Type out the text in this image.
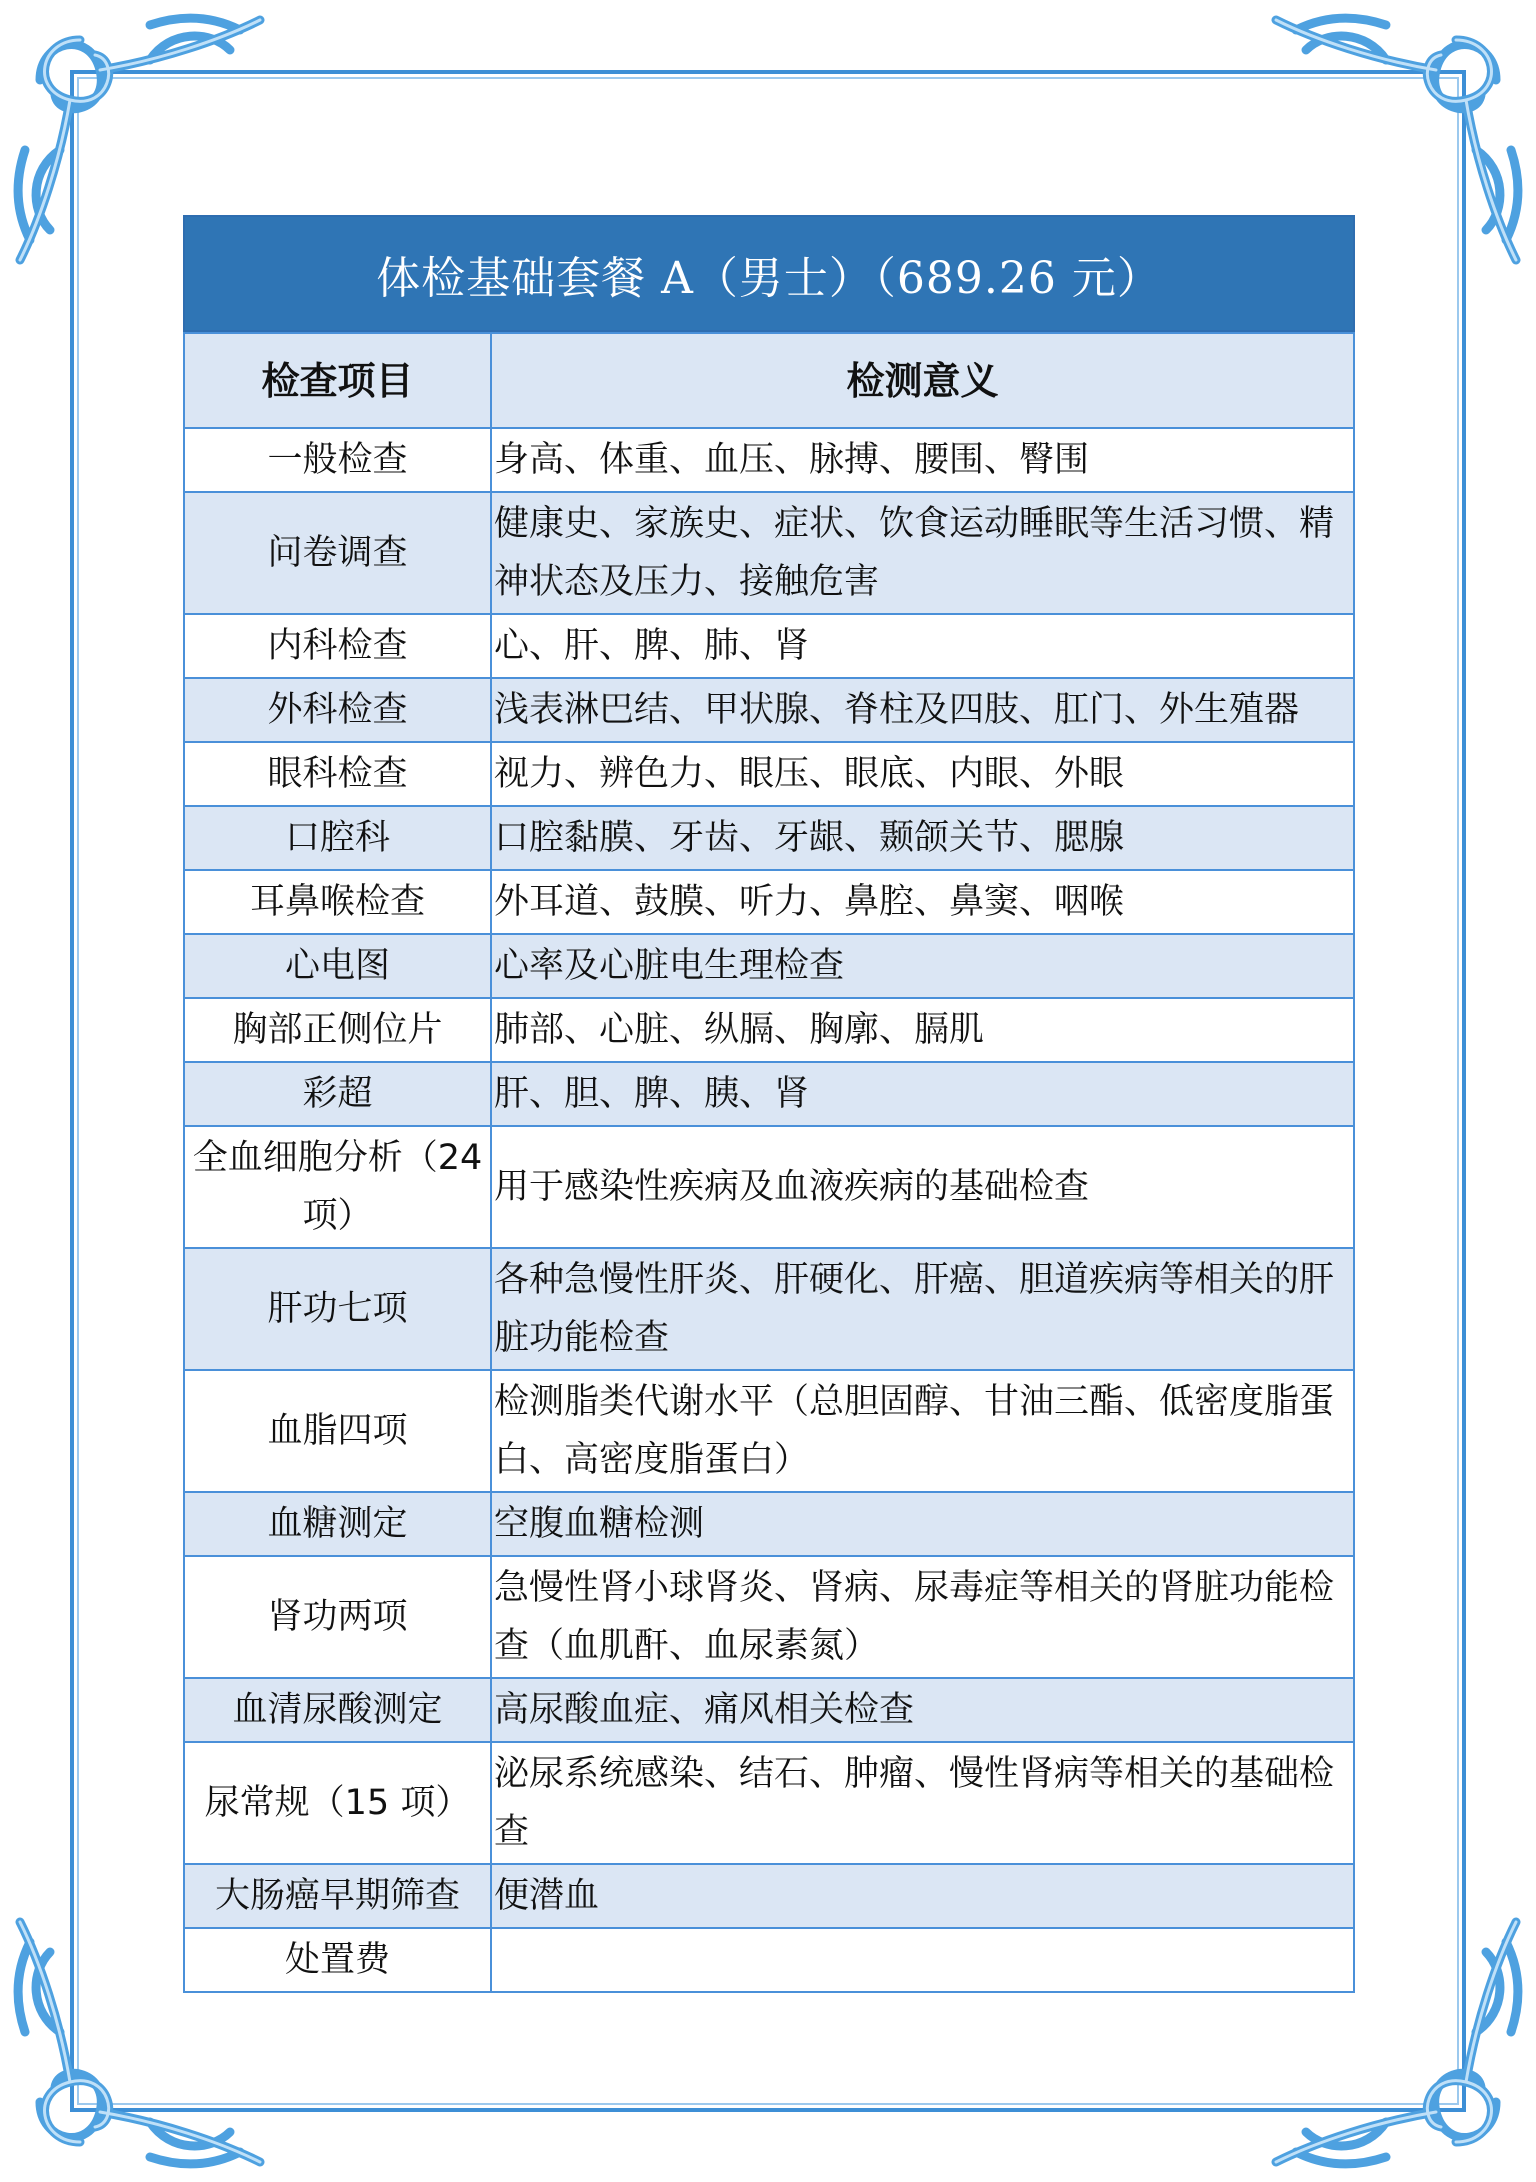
体检基础套餐 A（男士）（689.26 元）
检查项目	检测意义
一般检查	身高、体重、血压、脉搏、腰围、臀围
问卷调查	健康史、家族史、症状、饮食运动睡眠等生活习惯、精神状态及压力、接触危害
内科检查	心、肝、脾、肺、肾
外科检查	浅表淋巴结、甲状腺、脊柱及四肢、肛门、外生殖器
眼科检查	视力、辨色力、眼压、眼底、内眼、外眼
口腔科	口腔黏膜、牙齿、牙龈、颞颌关节、腮腺
耳鼻喉检查	外耳道、鼓膜、听力、鼻腔、鼻窦、咽喉
心电图	心率及心脏电生理检查
胸部正侧位片	肺部、心脏、纵膈、胸廓、膈肌
彩超	肝、胆、脾、胰、肾
全血细胞分析（24 项）	用于感染性疾病及血液疾病的基础检查
肝功七项	各种急慢性肝炎、肝硬化、肝癌、胆道疾病等相关的肝脏功能检查
血脂四项	检测脂类代谢水平（总胆固醇、甘油三酯、低密度脂蛋白、高密度脂蛋白）
血糖测定	空腹血糖检测
肾功两项	急慢性肾小球肾炎、肾病、尿毒症等相关的肾脏功能检查（血肌酐、血尿素氮）
血清尿酸测定	高尿酸血症、痛风相关检查
尿常规（15 项）	泌尿系统感染、结石、肿瘤、慢性肾病等相关的基础检查
大肠癌早期筛查	便潜血
处置费	
